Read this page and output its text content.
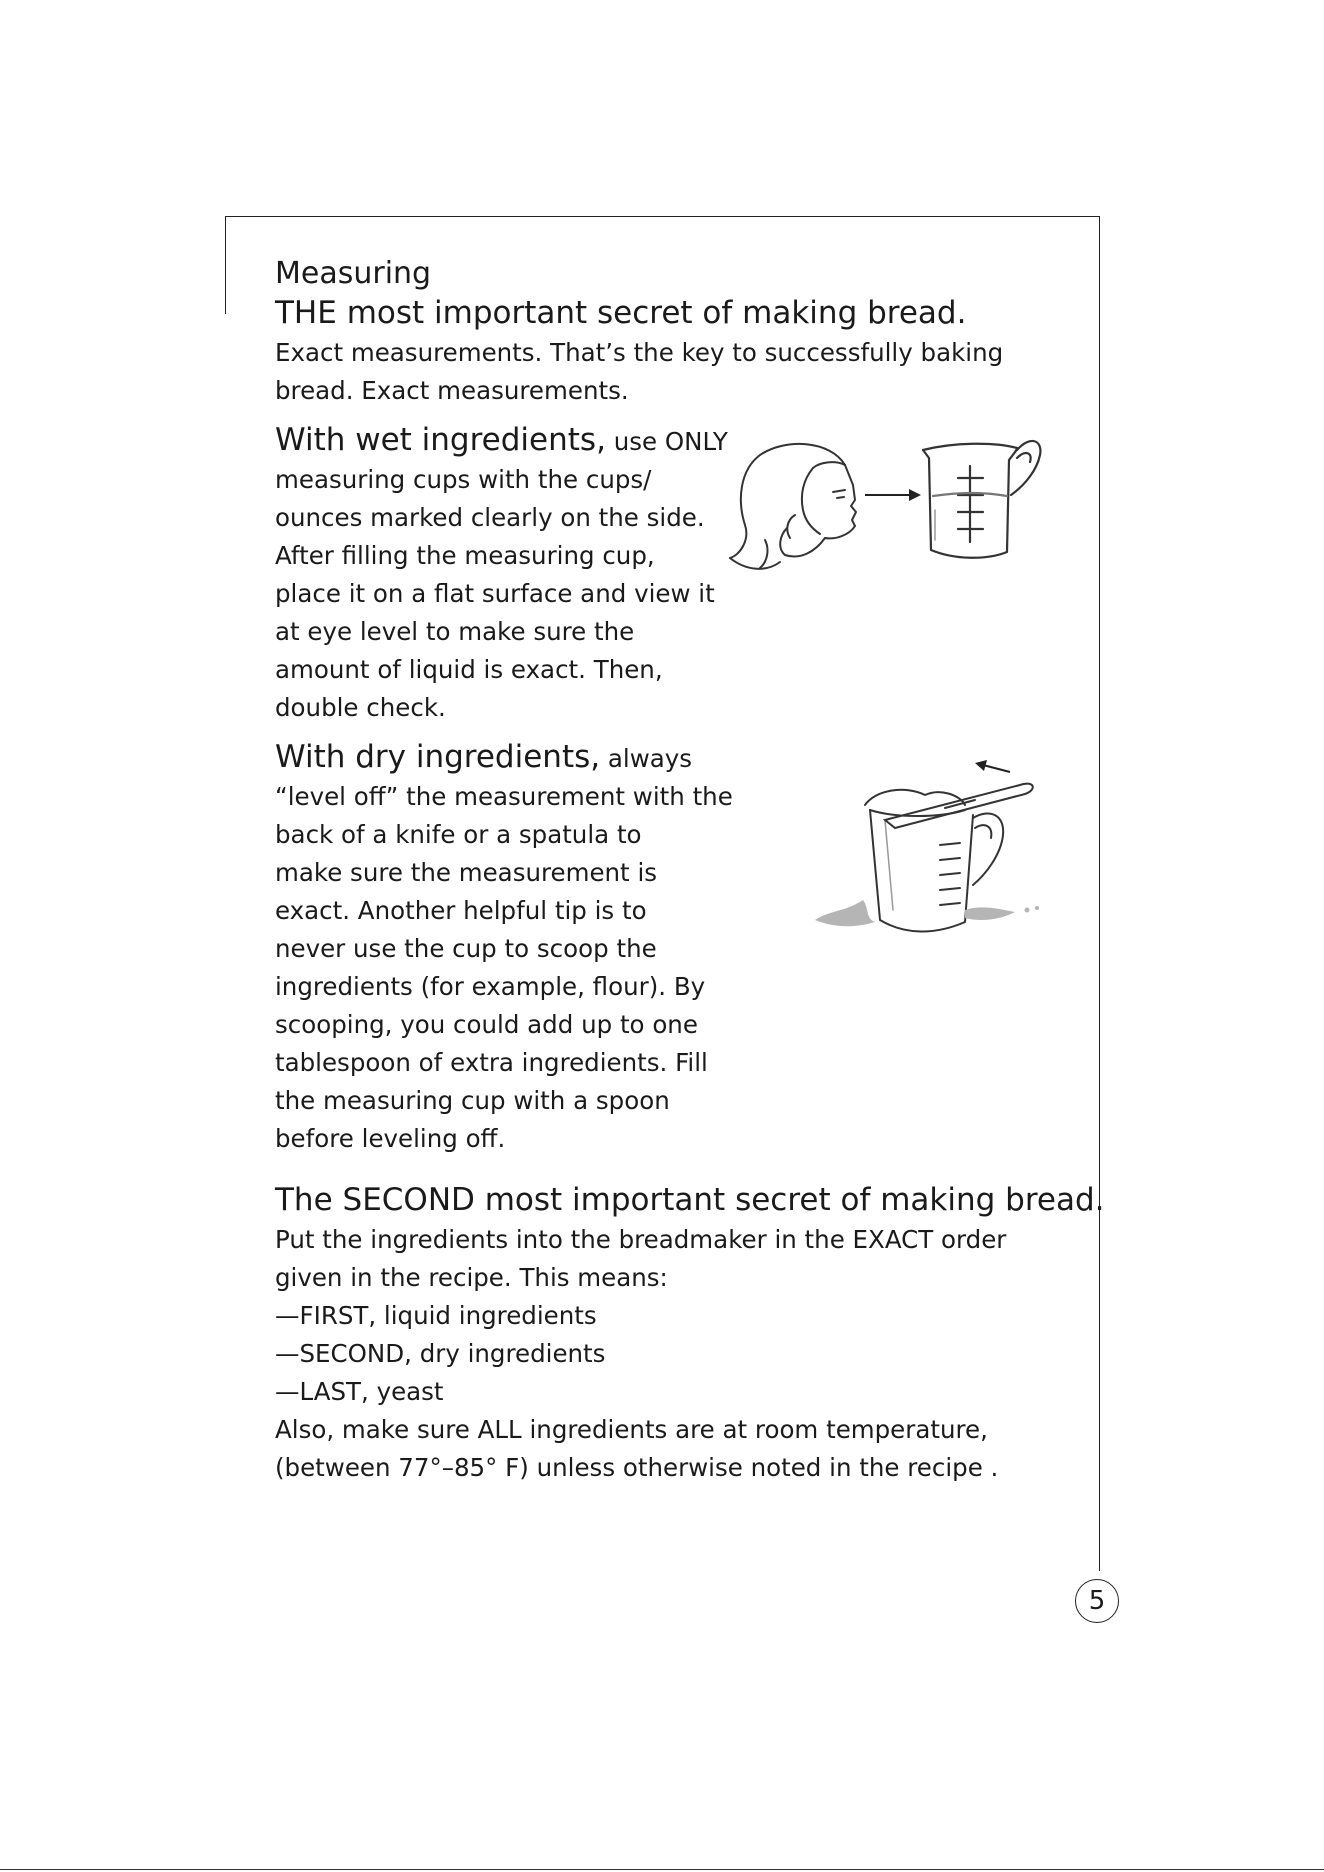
5
Measuring
THE most important secret of making bread.
Exact measurements. That’s the key to successfully baking
bread. Exact measurements.
With wet ingredients, use ONLY
measuring cups with the cups/
ounces marked clearly on the side.
After filling the measuring cup,
place it on a flat surface and view it
at eye level to make sure the
amount of liquid is exact. Then,
double check.
With dry ingredients, always
“level off” the measurement with the
back of a knife or a spatula to
make sure the measurement is
exact. Another helpful tip is to
never use the cup to scoop the
ingredients (for example, flour). By
scooping, you could add up to one
tablespoon of extra ingredients. Fill
the measuring cup with a spoon
before leveling off.
The SECOND most important secret of making bread.
Put the ingredients into the breadmaker in the EXACT order
given in the recipe. This means:
—FIRST, liquid ingredients
—SECOND, dry ingredients
—LAST, yeast
Also, make sure ALL ingredients are at room temperature,
(between 77°–85° F) unless otherwise noted in the recipe .
